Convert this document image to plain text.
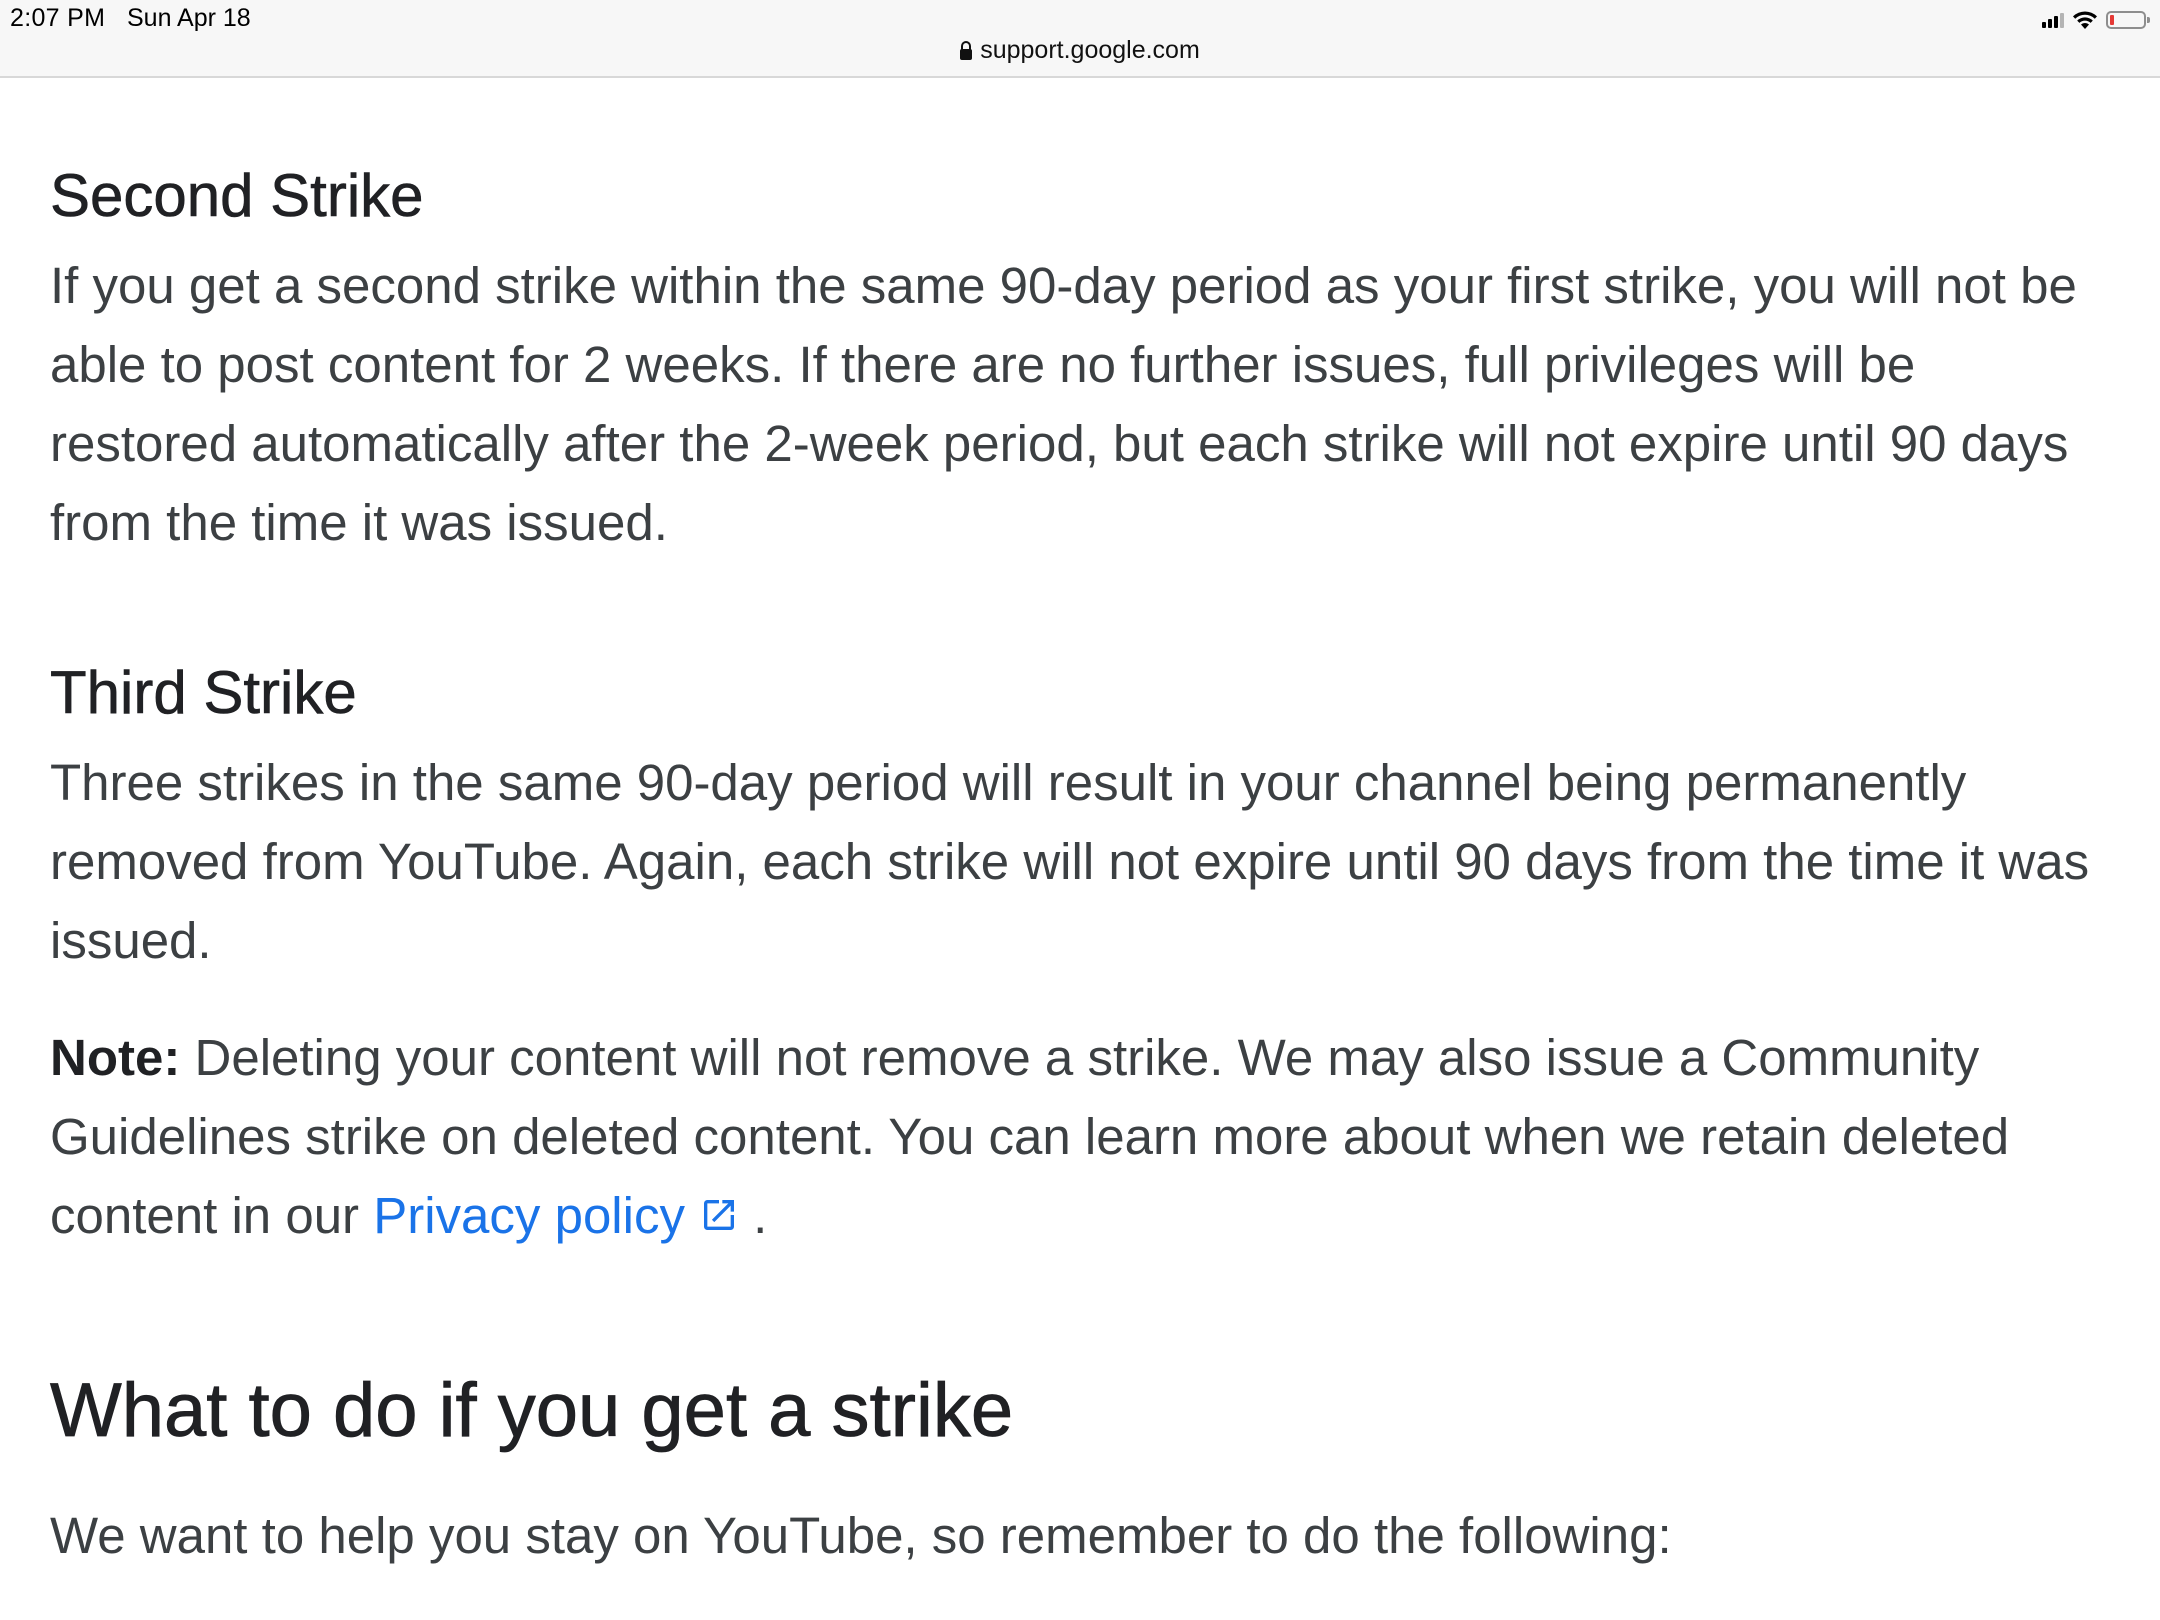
2:07 PM Sun Apr 18
support.google.com
Second Strike

If you get a second strike within the same 90-day period as your first strike, you will not be able to post content for 2 weeks. If there are no further issues, full privileges will be restored automatically after the 2-week period, but each strike will not expire until 90 days from the time it was issued.

Third Strike

Three strikes in the same 90-day period will result in your channel being permanently removed from YouTube. Again, each strike will not expire until 90 days from the time it was issued.

Note: Deleting your content will not remove a strike. We may also issue a Community Guidelines strike on deleted content. You can learn more about when we retain deleted content in our Privacy policy .

What to do if you get a strike

We want to help you stay on YouTube, so remember to do the following:
